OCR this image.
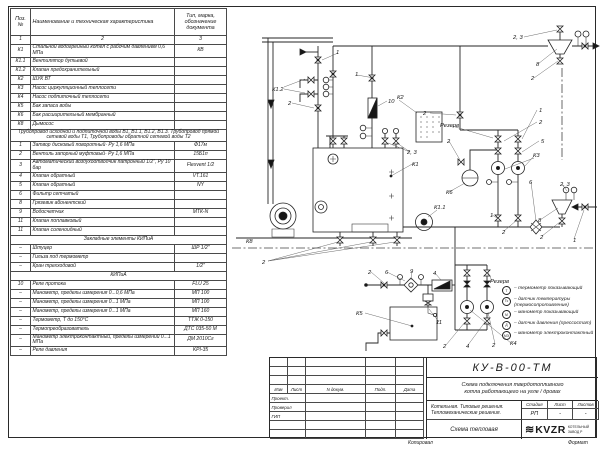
Поз. №	Наименование и техническая характеристика	Тип, марка, обозначение документа
1	2	3
К1	Стальной водогрейный котел с рабочим давлением 0,6 МПа	КВ
К1.1	Вентилятор дутьевой	
К1.2	Клапан предохранительный	
К2	ШУК ВТ	
К3	Насос циркуляционный теплосети	
К4	Насос подпиточный теплосети	
К5	Бак запаса воды	
К6	Бак расширительный мембранный	
К8	Дымосос	
Трубопровод исходной и подпиточной воды В1, В1.1, В1.2, В1.3. Трубопровод прямой сетевой воды Т1, Трубопроводы обратной сетевой воды Т2		
1	Затвор дисковый поворотный· Ру 1,6 МПа	Ф17м
2	Вентиль запорный муфтовый· Ру 1,6 МПа	15Б1п
3	Автоматический воздухоотводчик патронный 1/2", Ру 10 бар	Flexvent 1/2
4	Клапан обратный	VT.161
5	Клапан обратный	NY
6	Фильтр сетчатый	
8	Грязевик абонентский	
9	Водосчетчик	МТК-N
11	Клапан поплавковый	
11	Клапан соленоидный	
Закладные элементы КИПиА		
–	Штуцер	ШР 1/2"
–	Гильза под термометр	
–	Кран трехходовой	1/2"
КИПиА		
10	Реле протока	FLU 25
–	Манометр, пределы измерения 0...0,6 МПа	МП 100
–	Манометр, пределы измерения 0...1 МПа	МП 100
–	Манометр, пределы измерения 0...1 МПа	МП 160
–	Термометр, Т до 150°С	ТТЖ 0-150
–	Термопреобразователь	ДТС 035-50 М
–	Манометр электроконтактный, пределы измерений 0...1 МПа	ДМ 2010Сг
–	Реле давления	KPI-35
1
1
К1.2
2	10
К2
2, 3
8
2
2
Резерв
1
2
5
К3
2
К6
К1.1
6	2, 3
8
2	1
1
2
2, 3
К1
К8
2
2 6	9	4
Резерв
11
К5
2	4	2	К4
Т	– термометр показывающий
Тс	– датчик температуры
(термосопротивление)
М	– манометр показывающий
Д	– датчик давления (прессостат)
МЭ	– манометр электроконтактный
Изм	Лист	N докум.	Подп.	Дата
Проект.
Проверил
ГИП
КУ-В-00-ТМ
Схема подключения твердотопливного
котла работающего на угле / дровах
Котельная. Типовые решения.
Тепломеханические решения.
Схема тепловая
Стадия	Лист	Листов
РП	-	-
≋ KVZR КОТЕЛЬНЫЙ
ЗАВОД Р
Копировал	Формат
